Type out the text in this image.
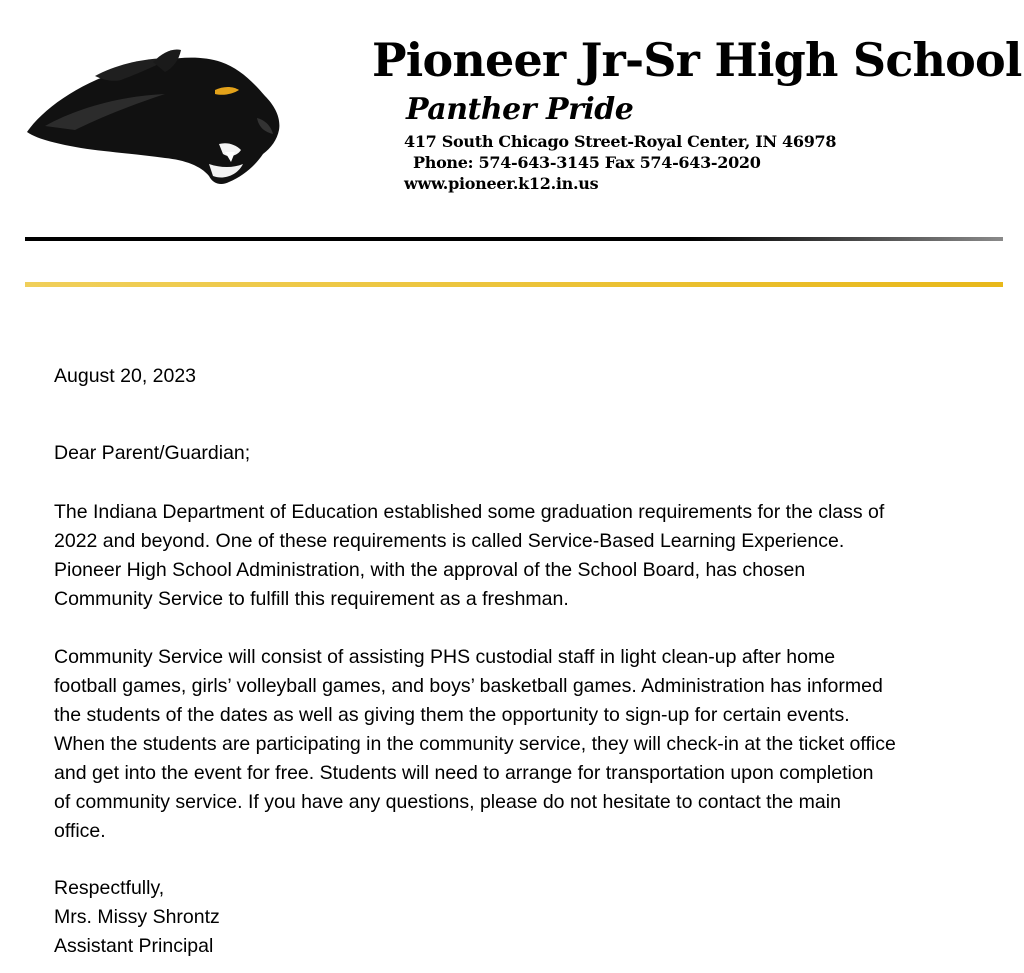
Pioneer Jr-Sr High School
Panther Pride
417 South Chicago Street-Royal Center, IN 46978
Phone: 574-643-3145 Fax 574-643-2020
www.pioneer.k12.in.us
August 20, 2023
Dear Parent/Guardian;
The Indiana Department of Education established some graduation requirements for the class of
2022 and beyond. One of these requirements is called Service-Based Learning Experience.
Pioneer High School Administration, with the approval of the School Board, has chosen
Community Service to fulfill this requirement as a freshman.
Community Service will consist of assisting PHS custodial staff in light clean-up after home
football games, girls’ volleyball games, and boys’ basketball games. Administration has informed
the students of the dates as well as giving them the opportunity to sign-up for certain events.
When the students are participating in the community service, they will check-in at the ticket office
and get into the event for free. Students will need to arrange for transportation upon completion
of community service. If you have any questions, please do not hesitate to contact the main
office.
Respectfully,
Mrs. Missy Shrontz
Assistant Principal
